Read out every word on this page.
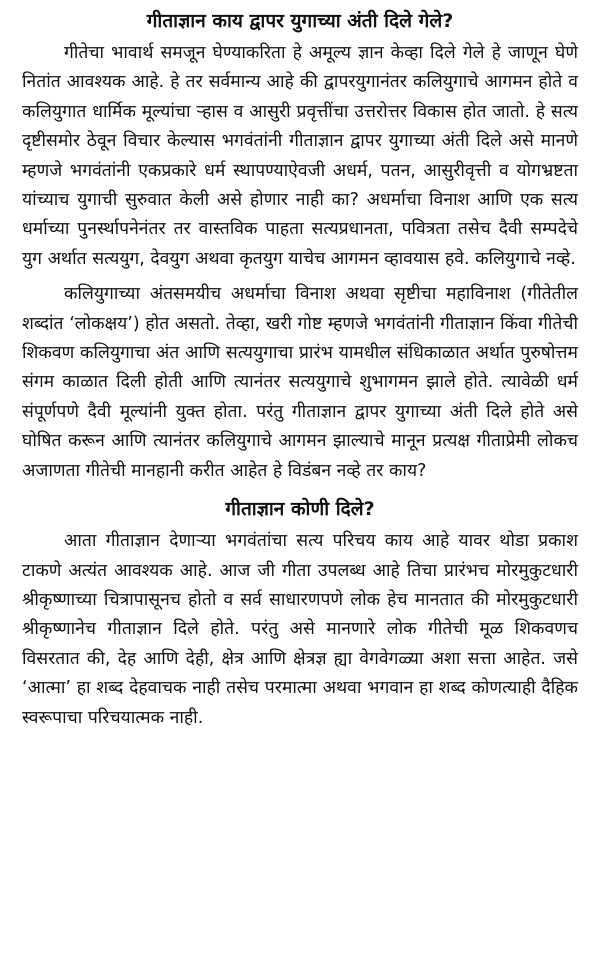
गीताज्ञान काय द्वापर युगाच्या अंती दिले गेले?

गीतेचा भावार्थ समजून घेण्याकरिता हे अमूल्य ज्ञान केव्हा दिले गेले हे जाणून घेणे नितांत आवश्यक आहे. हे तर सर्वमान्य आहे की द्वापरयुगानंतर कलियुगाचे आगमन होते व कलियुगात धार्मिक मूल्यांचा ऱ्हास व आसुरी प्रवृत्तींचा उत्तरोत्तर विकास होत जातो. हे सत्य दृष्टीसमोर ठेवून विचार केल्यास भगवंतांनी गीताज्ञान द्वापर युगाच्या अंती दिले असे मानणे म्हणजे भगवंतांनी एकप्रकारे धर्म स्थापण्याऐवजी अधर्म, पतन, आसुरीवृत्ती व योगभ्रष्टता यांच्याच युगाची सुरुवात केली असे होणार नाही का? अधर्माचा विनाश आणि एक सत्य धर्माच्या पुनर्स्थापनेनंतर तर वास्तविक पाहता सत्यप्रधानता, पवित्रता तसेच दैवी सम्पदेचे युग अर्थात सत्ययुग, देवयुग अथवा कृतयुग याचेच आगमन व्हावयास हवे. कलियुगाचे नव्हे.

कलियुगाच्या अंतसमयीच अधर्माचा विनाश अथवा सृष्टीचा महाविनाश (गीतेतील शब्दांत ‘लोकक्षय’) होत असतो. तेव्हा, खरी गोष्ट म्हणजे भगवंतांनी गीताज्ञान किंवा गीतेची शिकवण कलियुगाचा अंत आणि सत्ययुगाचा प्रारंभ यामधील संधिकाळात अर्थात पुरुषोत्तम संगम काळात दिली होती आणि त्यानंतर सत्ययुगाचे शुभागमन झाले होते. त्यावेळी धर्म संपूर्णपणे दैवी मूल्यांनी युक्त होता. परंतु गीताज्ञान द्वापर युगाच्या अंती दिले होते असे घोषित करून आणि त्यानंतर कलियुगाचे आगमन झाल्याचे मानून प्रत्यक्ष गीताप्रेमी लोकच अजाणता गीतेची मानहानी करीत आहेत हे विडंबन नव्हे तर काय?

गीताज्ञान कोणी दिले?

आता गीताज्ञान देणाऱ्या भगवंतांचा सत्य परिचय काय आहे यावर थोडा प्रकाश टाकणे अत्यंत आवश्यक आहे. आज जी गीता उपलब्ध आहे तिचा प्रारंभच मोरमुकुटधारी श्रीकृष्णाच्या चित्रापासूनच होतो व सर्व साधारणपणे लोक हेच मानतात की मोरमुकुटधारी श्रीकृष्णानेच गीताज्ञान दिले होते. परंतु असे मानणारे लोक गीतेची मूळ शिकवणच विसरतात की, देह आणि देही, क्षेत्र आणि क्षेत्रज्ञ ह्या वेगवेगळ्या अशा सत्ता आहेत. जसे ‘आत्मा’ हा शब्द देहवाचक नाही तसेच परमात्मा अथवा भगवान हा शब्द कोणत्याही दैहिक स्वरूपाचा परिचयात्मक नाही.
